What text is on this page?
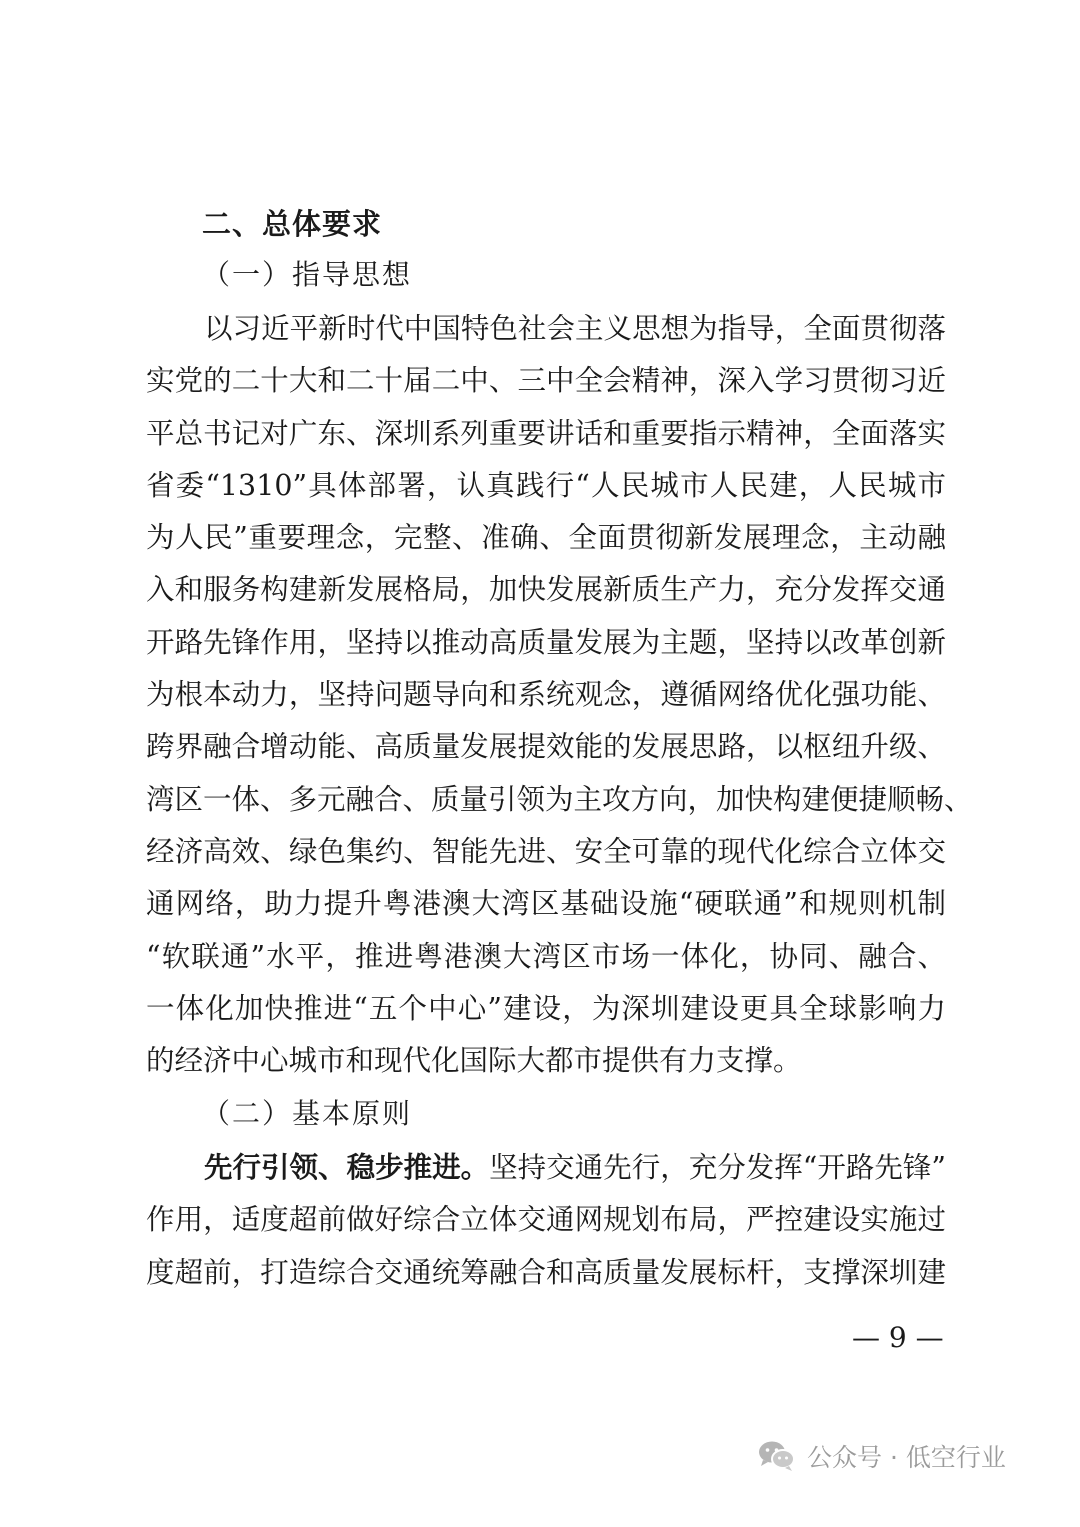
二、总体要求
（一）指导思想
以习近平新时代中国特色社会主义思想为指导，全面贯彻落
实党的二十大和二十届二中、三中全会精神，深入学习贯彻习近
平总书记对广东、深圳系列重要讲话和重要指示精神，全面落实
省委“1310”具体部署，认真践行“人民城市人民建，人民城市
为人民”重要理念，完整、准确、全面贯彻新发展理念，主动融
入和服务构建新发展格局，加快发展新质生产力，充分发挥交通
开路先锋作用，坚持以推动高质量发展为主题，坚持以改革创新
为根本动力，坚持问题导向和系统观念，遵循网络优化强功能、
跨界融合增动能、高质量发展提效能的发展思路，以枢纽升级、
湾区一体、多元融合、质量引领为主攻方向，加快构建便捷顺畅、
经济高效、绿色集约、智能先进、安全可靠的现代化综合立体交
通网络，助力提升粤港澳大湾区基础设施“硬联通”和规则机制
“软联通”水平，推进粤港澳大湾区市场一体化，协同、融合、
一体化加快推进“五个中心”建设，为深圳建设更具全球影响力
的经济中心城市和现代化国际大都市提供有力支撑。
（二）基本原则
先行引领、稳步推进。坚持交通先行，充分发挥“开路先锋”
作用，适度超前做好综合立体交通网规划布局，严控建设实施过
度超前，打造综合交通统筹融合和高质量发展标杆，支撑深圳建
— 9 —
公众号 · 低空行业
